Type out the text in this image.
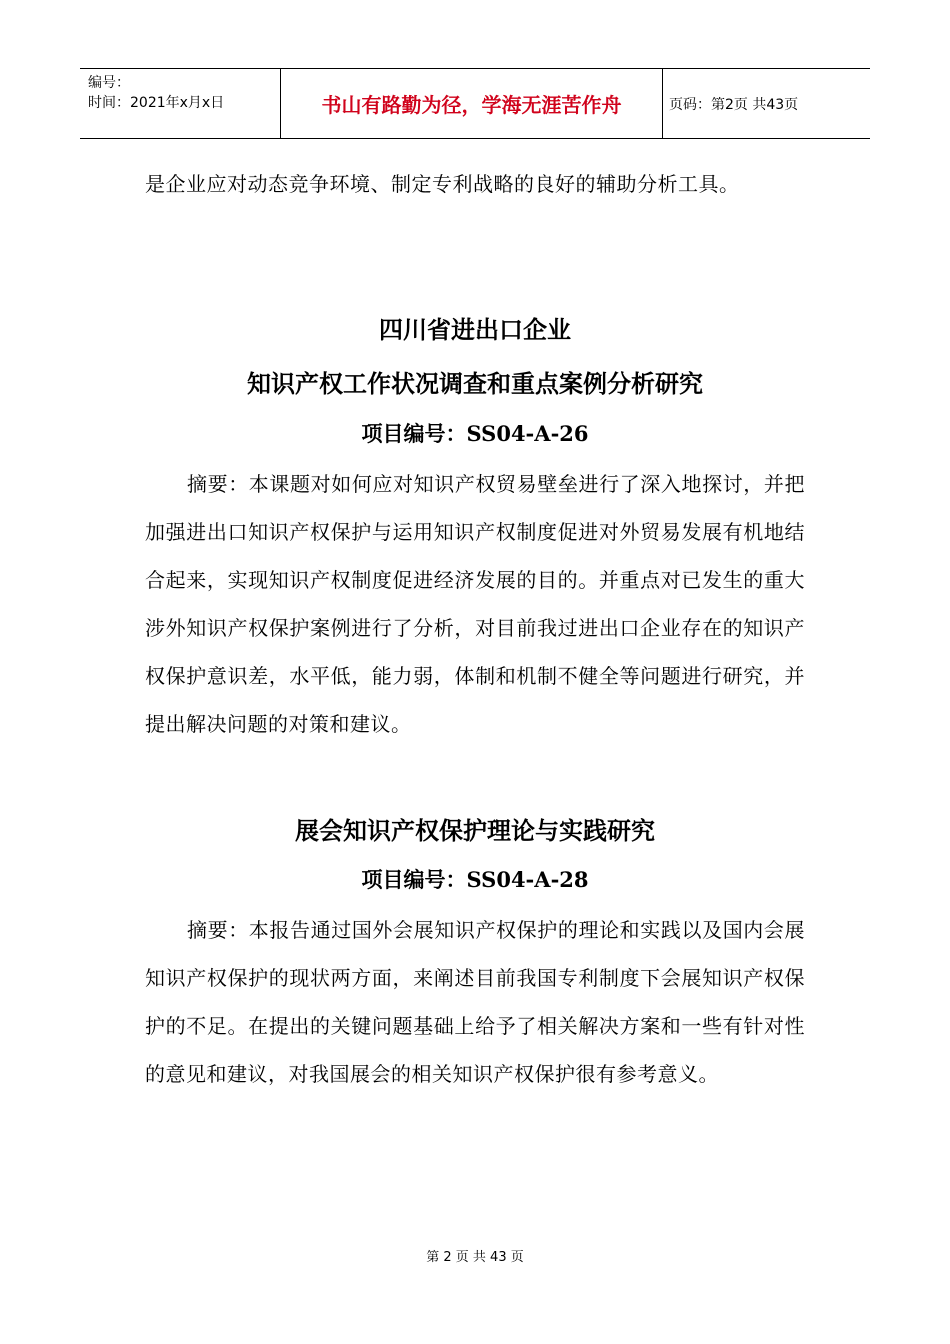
编号：
时间：2021年x月x日	书山有路勤为径，学海无涯苦作舟	页码：第2页 共43页
是企业应对动态竞争环境、制定专利战略的良好的辅助分析工具。
四川省进出口企业
知识产权工作状况调查和重点案例分析研究
项目编号：SS04-A-26
摘要：本课题对如何应对知识产权贸易壁垒进行了深入地探讨，并把加强进出口知识产权保护与运用知识产权制度促进对外贸易发展有机地结合起来，实现知识产权制度促进经济发展的目的。并重点对已发生的重大涉外知识产权保护案例进行了分析，对目前我过进出口企业存在的知识产权保护意识差，水平低，能力弱，体制和机制不健全等问题进行研究，并提出解决问题的对策和建议。
展会知识产权保护理论与实践研究
项目编号：SS04-A-28
摘要：本报告通过国外会展知识产权保护的理论和实践以及国内会展知识产权保护的现状两方面，来阐述目前我国专利制度下会展知识产权保护的不足。在提出的关键问题基础上给予了相关解决方案和一些有针对性的意见和建议，对我国展会的相关知识产权保护很有参考意义。
第 2 页 共 43 页
